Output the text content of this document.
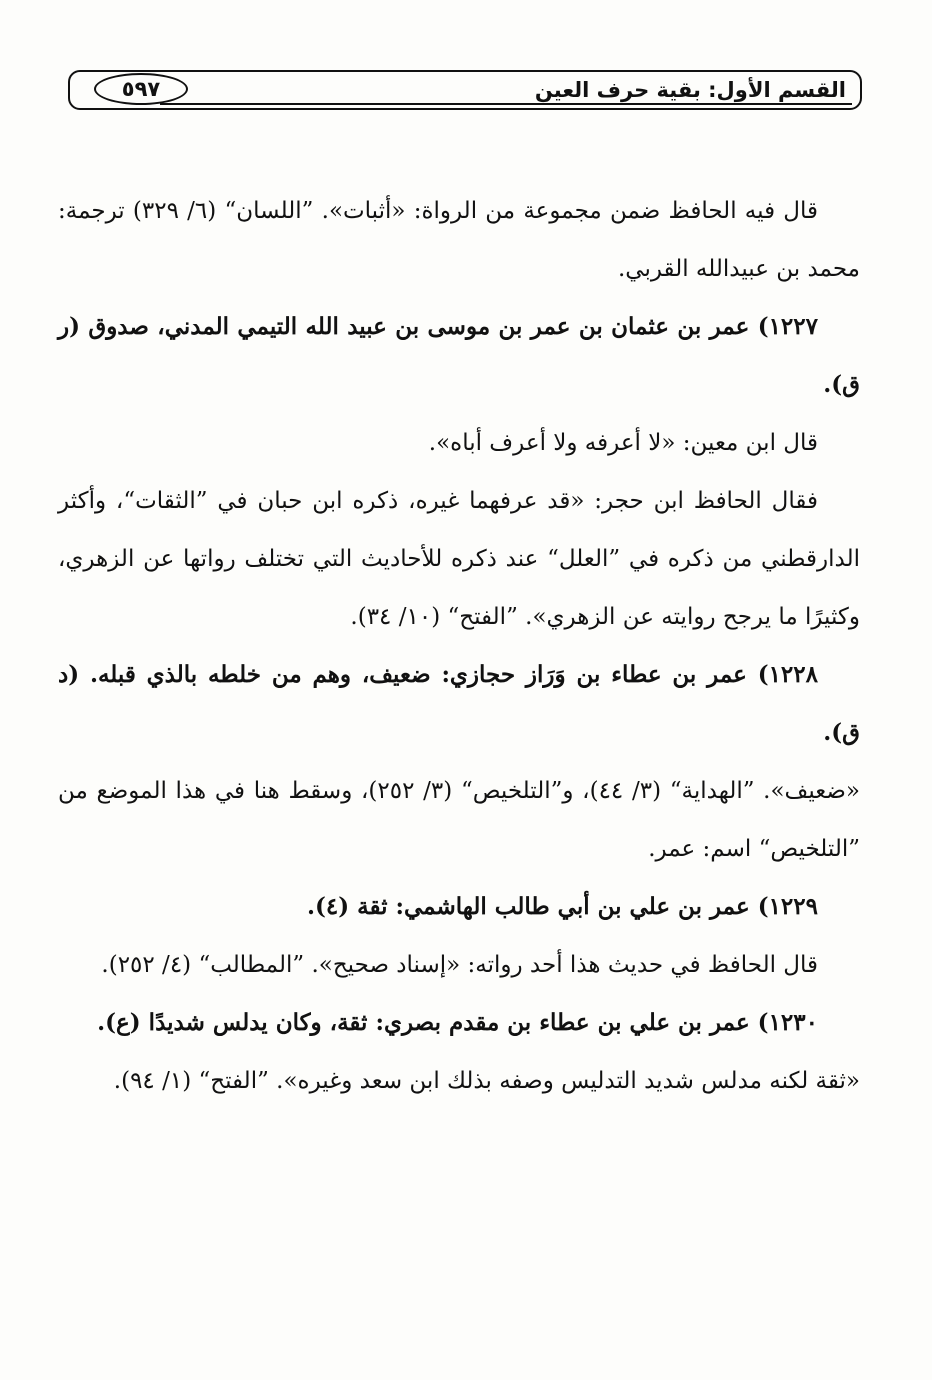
القسم الأول: بقية حرف العين
٥٩٧

قال فيه الحافظ ضمن مجموعة من الرواة: «أثبات». ”اللسان“ (٦/ ٣٢٩) ترجمة: محمد بن عبيدالله القربي.

١٢٢٧) عمر بن عثمان بن عمر بن موسى بن عبيد الله التيمي المدني، صدوق (ر ق).

قال ابن معين: «لا أعرفه ولا أعرف أباه».

فقال الحافظ ابن حجر: «قد عرفهما غيره، ذكره ابن حبان في ”الثقات“، وأكثر الدارقطني من ذكره في ”العلل“ عند ذكره للأحاديث التي تختلف رواتها عن الزهري، وكثيرًا ما يرجح روايته عن الزهري». ”الفتح“ (١٠/ ٣٤).

١٢٢٨) عمر بن عطاء بن وَرَاز حجازي: ضعيف، وهم من خلطه بالذي قبله. (د ق).

«ضعيف». ”الهداية“ (٣/ ٤٤)، و”التلخيص“ (٣/ ٢٥٢)، وسقط هنا في هذا الموضع من ”التلخيص“ اسم: عمر.

١٢٢٩) عمر بن علي بن أبي طالب الهاشمي: ثقة (٤).

قال الحافظ في حديث هذا أحد رواته: «إسناد صحيح». ”المطالب“ (٤/ ٢٥٢).

١٢٣٠) عمر بن علي بن عطاء بن مقدم بصري: ثقة، وكان يدلس شديدًا (ع).

«ثقة لكنه مدلس شديد التدليس وصفه بذلك ابن سعد وغيره». ”الفتح“ (١/ ٩٤).
